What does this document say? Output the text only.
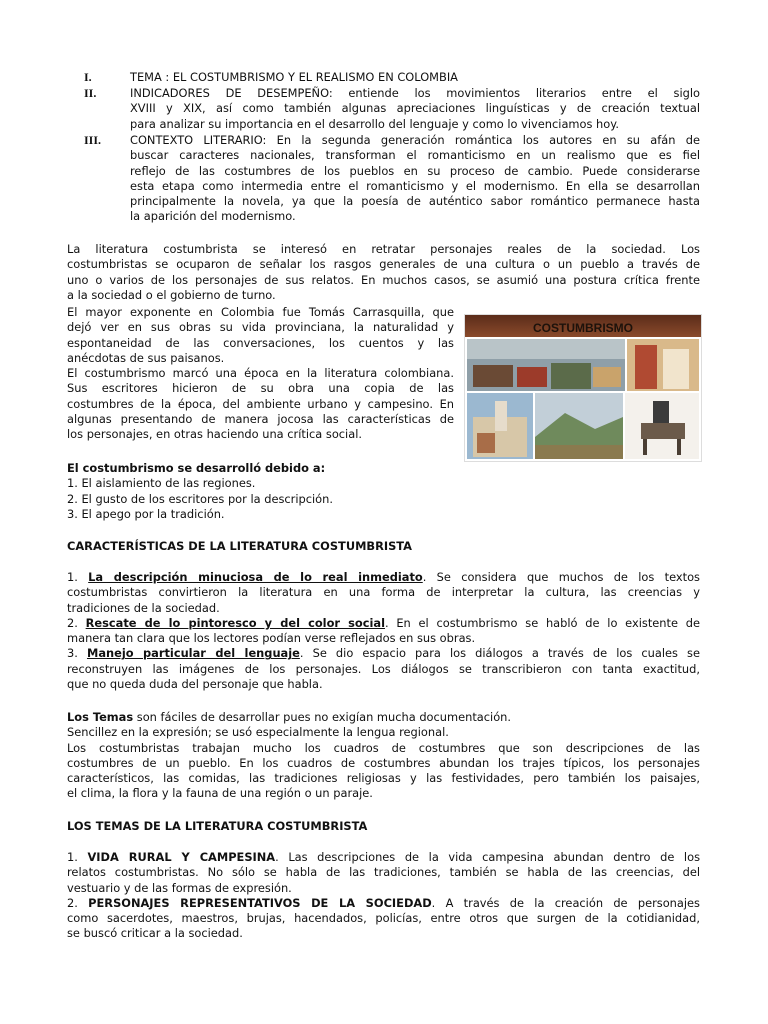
I.	TEMA : EL COSTUMBRISMO Y EL REALISMO EN COLOMBIA
II.	INDICADORES DE DESEMPEÑO: entiende los movimientos literarios entre el siglo
XVIII y XIX, así como también algunas apreciaciones linguísticas y de creación textual
para analizar su importancia en el desarrollo del lenguaje y como lo vivenciamos hoy.
III.	CONTEXTO LITERARIO: En la segunda generación romántica los autores en su afán de
buscar caracteres nacionales, transforman el romanticismo en un realismo que es fiel
reflejo de las costumbres de los pueblos en su proceso de cambio. Puede considerarse
esta etapa como intermedia entre el romanticismo y el modernismo. En ella se desarrollan
principalmente la novela, ya que la poesía de auténtico sabor romántico permanece hasta
la aparición del modernismo.
La literatura costumbrista se interesó en retratar personajes reales de la sociedad. Los
costumbristas se ocuparon de señalar los rasgos generales de una cultura o un pueblo a través de
uno o varios de los personajes de sus relatos. En muchos casos, se asumió una postura crítica frente
a la sociedad o el gobierno de turno.
El mayor exponente en Colombia fue Tomás Carrasquilla, que
dejó ver en sus obras su vida provinciana, la naturalidad y
espontaneidad de las conversaciones, los cuentos y las
anécdotas de sus paisanos.
El costumbrismo marcó una época en la literatura colombiana.
Sus escritores hicieron de su obra una copia de las
costumbres de la época, del ambiente urbano y campesino. En
algunas presentando de manera jocosa las características de
los personajes, en otras haciendo una crítica social.
COSTUMBRISMO
El costumbrismo se desarrolló debido a:
1. El aislamiento de las regiones.
2. El gusto de los escritores por la descripción.
3. El apego por la tradición.
CARACTERÍSTICAS DE LA LITERATURA COSTUMBRISTA
1. La descripción minuciosa de lo real inmediato. Se considera que muchos de los textos
costumbristas convirtieron la literatura en una forma de interpretar la cultura, las creencias y
tradiciones de la sociedad.
2. Rescate de lo pintoresco y del color social. En el costumbrismo se habló de lo existente de
manera tan clara que los lectores podían verse reflejados en sus obras.
3. Manejo particular del lenguaje. Se dio espacio para los diálogos a través de los cuales se
reconstruyen las imágenes de los personajes. Los diálogos se transcribieron con tanta exactitud,
que no queda duda del personaje que habla.
Los Temas son fáciles de desarrollar pues no exigían mucha documentación.
Sencillez en la expresión; se usó especialmente la lengua regional.
Los costumbristas trabajan mucho los cuadros de costumbres que son descripciones de las
costumbres de un pueblo. En los cuadros de costumbres abundan los trajes típicos, los personajes
característicos, las comidas, las tradiciones religiosas y las festividades, pero también los paisajes,
el clima, la flora y la fauna de una región o un paraje.
LOS TEMAS DE LA LITERATURA COSTUMBRISTA
1. VIDA RURAL Y CAMPESINA. Las descripciones de la vida campesina abundan dentro de los
relatos costumbristas. No sólo se habla de las tradiciones, también se habla de las creencias, del
vestuario y de las formas de expresión.
2. PERSONAJES REPRESENTATIVOS DE LA SOCIEDAD. A través de la creación de personajes
como sacerdotes, maestros, brujas, hacendados, policías, entre otros que surgen de la cotidianidad,
se buscó criticar a la sociedad.
